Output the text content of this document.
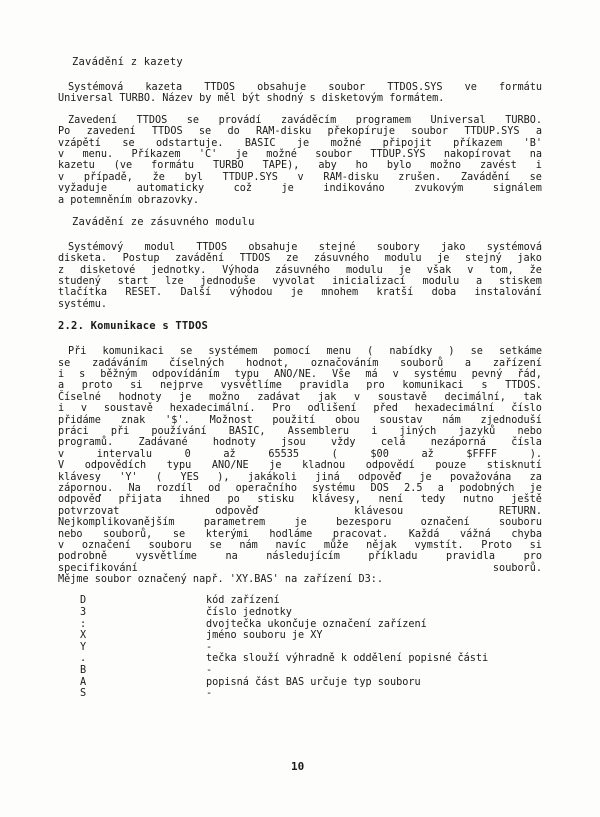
Zavádění z kazety
Systémová kazeta TTDOS obsahuje soubor TTDOS.SYS ve formátu
Universal TURBO. Název by měl být shodný s disketovým formátem.
Zavedení TTDOS se provádí zaváděcím programem Universal TURBO.
Po zavedení TTDOS se do RAM-disku překopíruje soubor TTDUP.SYS a
vzápětí se odstartuje. BASIC je možné připojit příkazem 'B'
v menu. Příkazem 'C' je možné soubor TTDUP.SYS nakopírovat na
kazetu (ve formátu TURBO TAPE), aby ho bylo možno zavést i
v případě, že byl TTDUP.SYS v RAM-disku zrušen. Zavádění se
vyžaduje	automaticky	což	je	indikováno	zvukovým	signálem
a potemněním obrazovky.
Zavádění ze zásuvného modulu
Systémový modul TTDOS obsahuje stejné soubory jako systémová
disketa. Postup zavádění TTDOS ze zásuvného modulu je stejný jako
z disketové jednotky. Výhoda zásuvného modulu je však v tom, že
studený start lze jednoduše vyvolat inicializací modulu a stiskem
tlačítka RESET. Další výhodou je mnohem kratší doba instalování
systému.
2.2. Komunikace s TTDOS
Při komunikaci se systémem pomocí menu ( nabídky ) se setkáme
se zadáváním číselných hodnot, označováním souborů a zařízení
i s běžným odpovídáním typu ANO/NE. Vše má v systému pevný řád,
a proto si nejprve vysvětlíme pravidla pro komunikaci s TTDOS.
Číselné hodnoty je možno zadávat jak v soustavě decimální, tak
i v soustavě hexadecimální. Pro odlišení před hexadecimální číslo
přidáme znak '$'. Možnost použití obou soustav nám zjednoduší
práci při používání BASIC, Assembleru i jiných jazyků nebo
programů. Zadávané hodnoty jsou vždy celá nezáporná čísla
v	intervalu	0	až	65535	(	$00	až	$FFFF	).
V odpovědích typu ANO/NE je kladnou odpovědí pouze stisknutí
klávesy 'Y' ( YES ), jakákoli jiná odpověď je považována za
zápornou. Na rozdíl od operačního systému DOS 2.5 a podobných je
odpověď přijata ihned po stisku klávesy, není tedy nutno ještě
potvrzovat	odpověď	klávesou	RETURN.
Nejkomplikovanějším	parametrem	je	bezesporu	označení	souboru
nebo souborů, se kterými hodláme pracovat. Každá vážná chyba
v označení souboru se nám navíc může nějak vymstít. Proto si
podrobně	vysvětlíme	na	následujícím	příkladu	pravidla	pro
specifikování	souborů.
Mějme soubor označený např. 'XY.BAS' na zařízení D3:.
D	kód zařízení
3	číslo jednotky
:	dvojtečka ukončuje označení zařízení
X	jméno souboru je XY
Y	-
.	tečka slouží výhradně k oddělení popisné části
B	-
A	popisná část BAS určuje typ souboru
S	-
10
